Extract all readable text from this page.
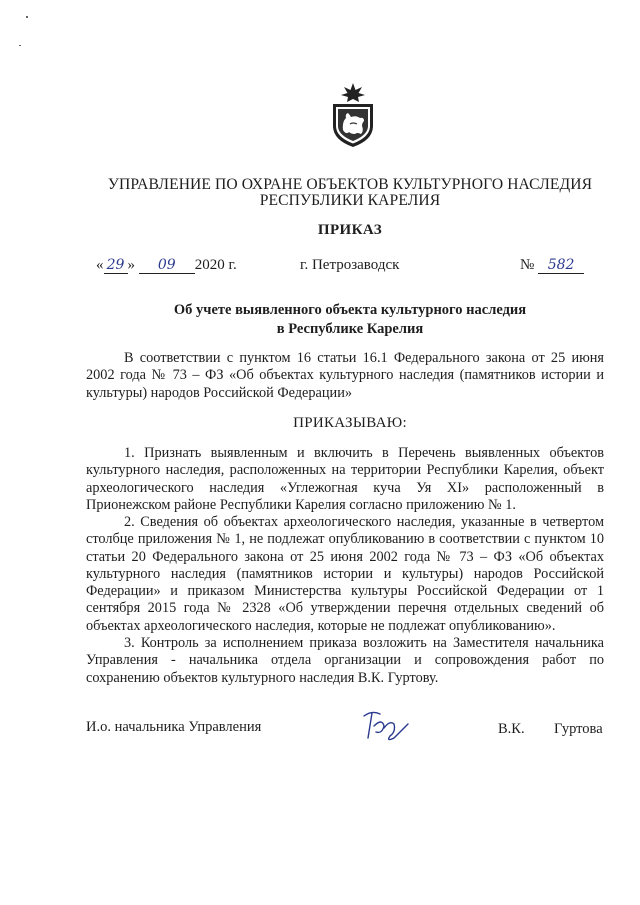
УПРАВЛЕНИЕ ПО ОХРАНЕ ОБЪЕКТОВ КУЛЬТУРНОГО НАСЛЕДИЯ
РЕСПУБЛИКИ КАРЕЛИЯ
ПРИКАЗ
« 29 » 09 2020 г.	г. Петрозаводск	№ 582
Об учете выявленного объекта культурного наследия
в Республике Карелия
В соответствии с пунктом 16 статьи 16.1 Федерального закона от 25 июня 2002 года № 73 – ФЗ «Об объектах культурного наследия (памятников истории и культуры) народов Российской Федерации»
ПРИКАЗЫВАЮ:
1. Признать выявленным и включить в Перечень выявленных объектов культурного наследия, расположенных на территории Республики Карелия, объект археологического наследия «Углежогная куча Уя XI» расположенный в Прионежском районе Республики Карелия согласно приложению № 1.
2. Сведения об объектах археологического наследия, указанные в четвертом столбце приложения № 1, не подлежат опубликованию в соответствии с пунктом 10 статьи 20 Федерального закона от 25 июня 2002 года № 73 – ФЗ «Об объектах культурного наследия (памятников истории и культуры) народов Российской Федерации» и приказом Министерства культуры Российской Федерации от 1 сентября 2015 года № 2328 «Об утверждении перечня отдельных сведений об объектах археологического наследия, которые не подлежат опубликованию».
3. Контроль за исполнением приказа возложить на Заместителя начальника Управления - начальника отдела организации и сопровождения работ по сохранению объектов культурного наследия В.К. Гуртову.
И.о. начальника Управления	В.К. Гуртова
